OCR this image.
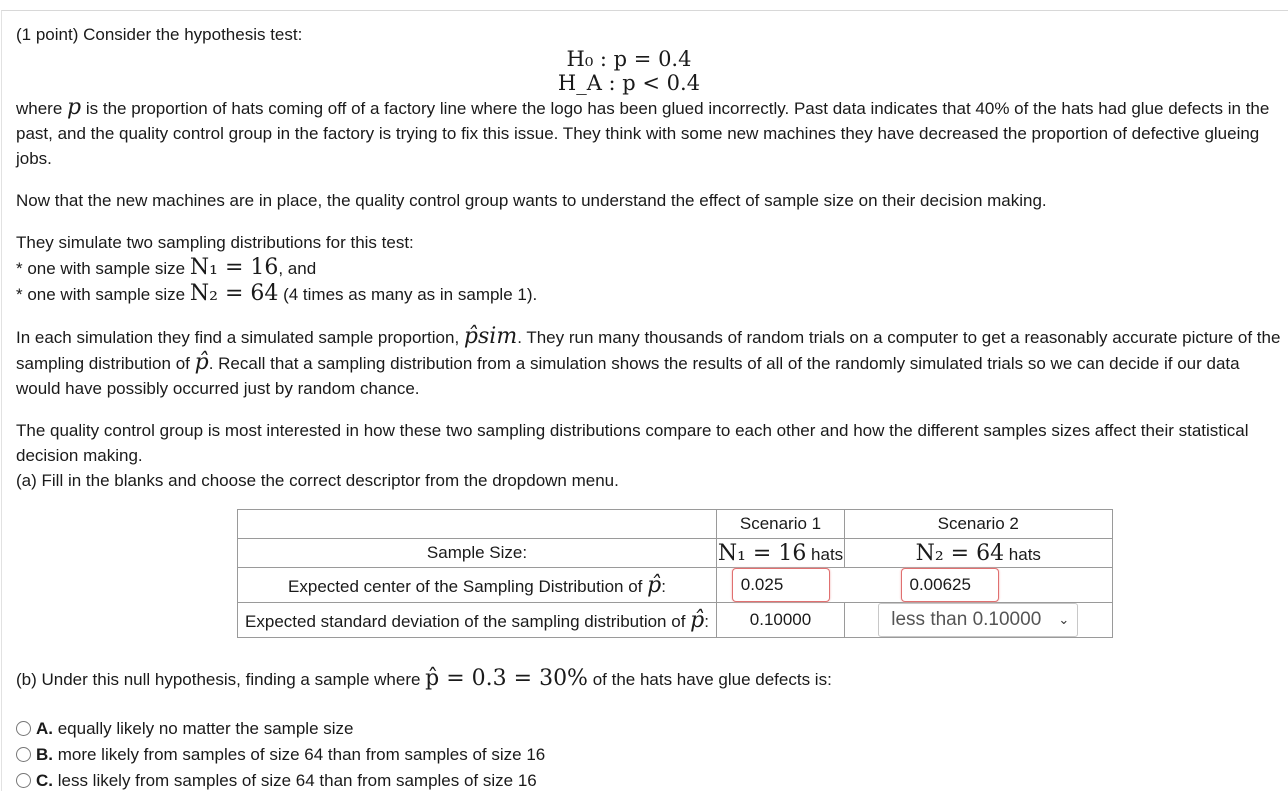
(1 point) Consider the hypothesis test:

H₀ : p = 0.4
H_A : p < 0.4

where p is the proportion of hats coming off of a factory line where the logo has been glued incorrectly. Past data indicates that 40% of the hats had glue defects in the past, and the quality control group in the factory is trying to fix this issue. They think with some new machines they have decreased the proportion of defective glueing jobs.

Now that the new machines are in place, the quality control group wants to understand the effect of sample size on their decision making.

They simulate two sampling distributions for this test:

* one with sample size N₁ = 16, and

* one with sample size N₂ = 64 (4 times as many as in sample 1).

In each simulation they find a simulated sample proportion, p̂sim. They run many thousands of random trials on a computer to get a reasonably accurate picture of the sampling distribution of p̂. Recall that a sampling distribution from a simulation shows the results of all of the randomly simulated trials so we can decide if our data would have possibly occurred just by random chance.

The quality control group is most interested in how these two sampling distributions compare to each other and how the different samples sizes affect their statistical decision making.

(a) Fill in the blanks and choose the correct descriptor from the dropdown menu.

	Scenario 1	Scenario 2
Sample Size:	N₁ = 16 hats	N₂ = 64 hats
Expected center of the Sampling Distribution of p̂:	0.025	0.00625
Expected standard deviation of the sampling distribution of p̂:	0.10000	less than 0.10000 ⌄
(b) Under this null hypothesis, finding a sample where p̂ = 0.3 = 30% of the hats have glue defects is:
A. equally likely no matter the sample size
B. more likely from samples of size 64 than from samples of size 16
C. less likely from samples of size 64 than from samples of size 16
